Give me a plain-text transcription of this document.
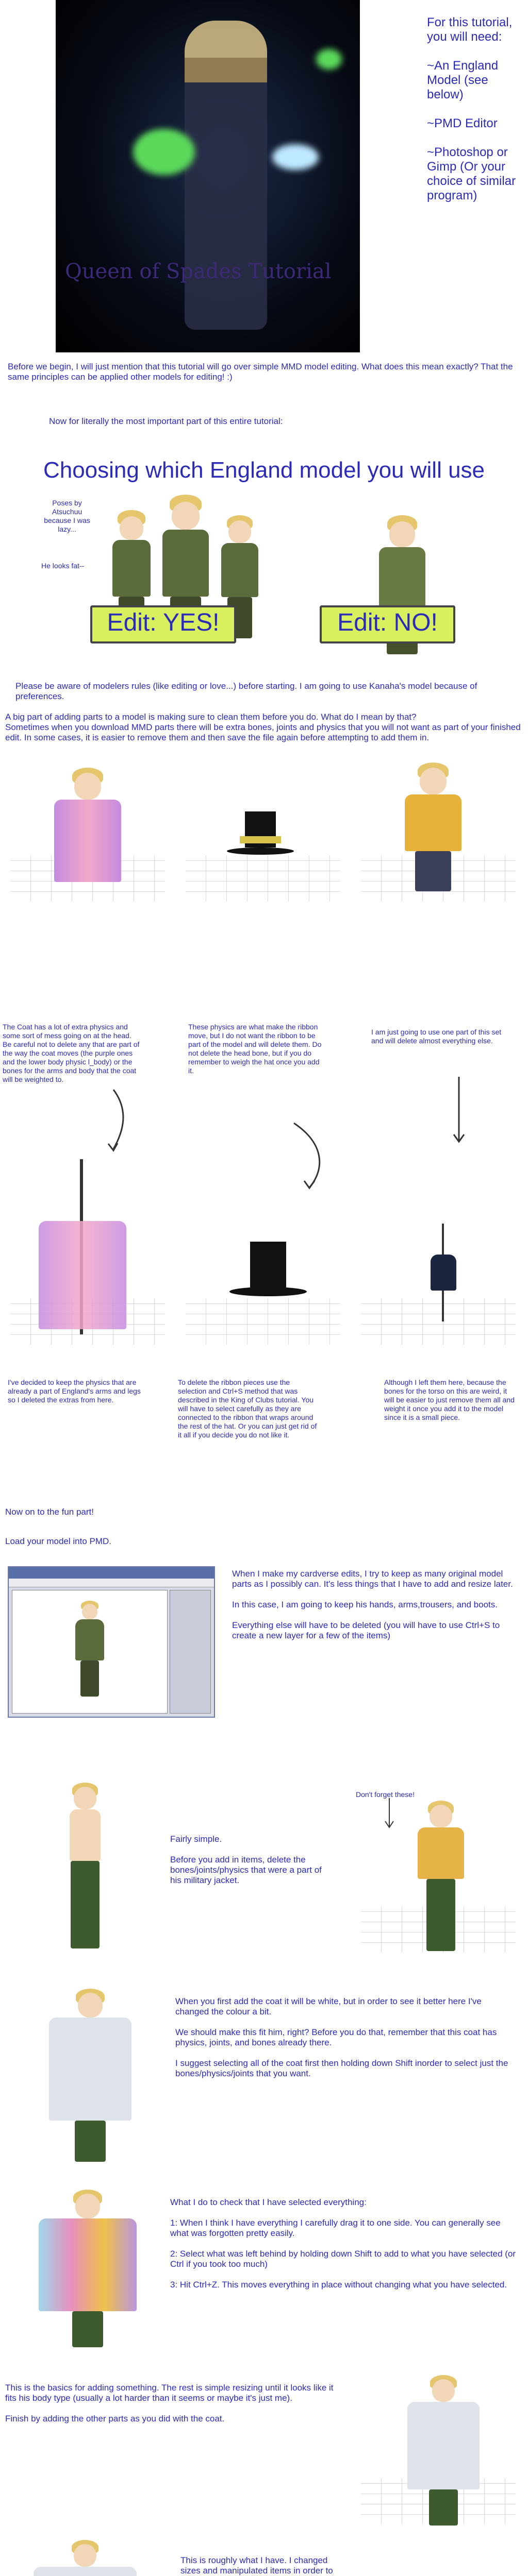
Queen of Spades Tutorial
For this tutorial, you will need:

~An England Model (see below)

~PMD Editor

~Photoshop or Gimp (Or your choice of similar program)
Before we begin, I will just mention that this tutorial will go over simple MMD model editing. What does this mean exactly? That the same principles can be applied other models for editing! :)
Now for literally the most important part of this entire tutorial:
Choosing which England model you will use
Poses by Atsuchuu because I was lazy...
He looks fat--
Edit: YES!	Edit: NO!
Please be aware of modelers rules (like editing or love...) before starting. I am going to use Kanaha's model because of preferences.
A big part of adding parts to a model is making sure to clean them before you do. What do I mean by that?
Sometimes when you download MMD parts there will be extra bones, joints and physics that you will not want as part of your finished edit. In some cases, it is easier to remove them and then save the file again before attempting to add them in.
The Coat has a lot of extra physics and some sort of mess going on at the head. Be careful not to delete any that are part of the way the coat moves (the purple ones and the lower body physic l_body) or the bones for the arms and body that the coat will be weighted to.
These physics are what make the ribbon move, but I do not want the ribbon to be part of the model and will delete them. Do not delete the head bone, but if you do remember to weigh the hat once you add it.
I am just going to use one part of this set and will delete almost everything else.
I've decided to keep the physics that are already a part of England's arms and legs so I deleted the extras from here.
To delete the ribbon pieces use the selection and Ctrl+S method that was described in the King of Clubs tutorial. You will have to select carefully as they are connected to the ribbon that wraps around the rest of the hat. Or you can just get rid of it all if you decide you do not like it.
Although I left them here, because the bones for the torso on this are weird, it will be easier to just remove them all and weight it once you add it to the model since it is a small piece.
Now on to the fun part!
Load your model into PMD.
When I make my cardverse edits, I try to keep as many original model parts as I possibly can. It's less things that I have to add and resize later.

In this case, I am going to keep his hands, arms,trousers, and boots.

Everything else will have to be deleted (you will have to use Ctrl+S to create a new layer for a few of the items)
Fairly simple.

Before you add in items, delete the bones/joints/physics that were a part of his military jacket.
Don't forget these!
When you first add the coat it will be white, but in order to see it better here I've changed the colour a bit.

We should make this fit him, right? Before you do that, remember that this coat has physics, joints, and bones already there.

I suggest selecting all of the coat first then holding down Shift inorder to select just the bones/physics/joints that you want.
What I do to check that I have selected everything:

1: When I think I have everything I carefully drag it to one side. You can generally see what was forgotten pretty easily.

2: Select what was left behind by holding down Shift to add to what you have selected (or Ctrl if you took too much)

3: Hit Ctrl+Z. This moves everything in place without changing what you have selected.
This is the basics for adding something. The rest is simple resizing until it looks like it fits his body type (usually a lot harder than it seems or maybe it's just me).

Finish by adding the other parts as you did with the coat.
This is roughly what I have. I changed sizes and manipulated items in order to
